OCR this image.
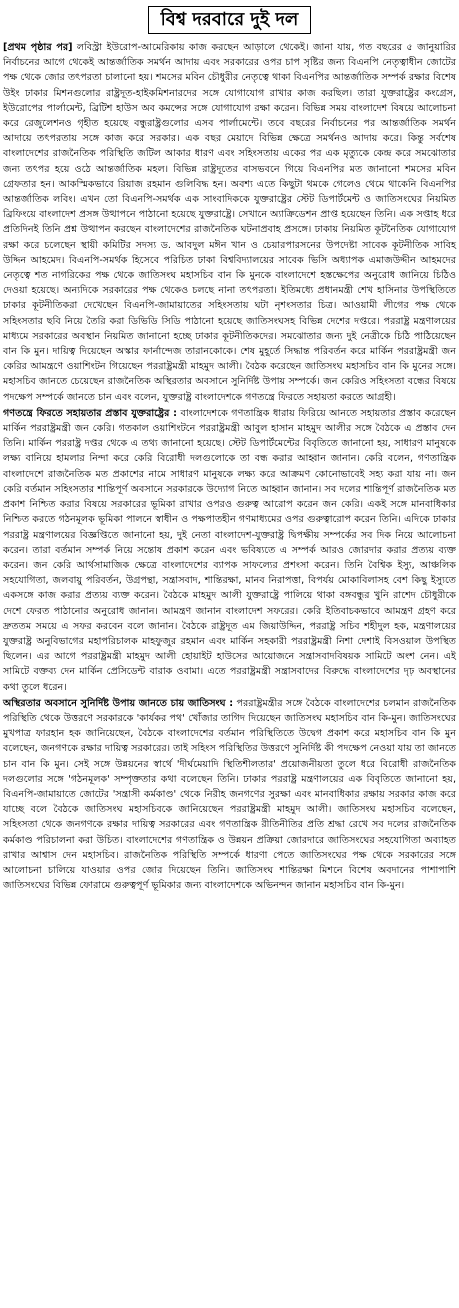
বিশ্ব দরবারে দুই দল

[প্রথম পৃষ্ঠার পর] লবিস্ট্রা ইউরোপ-আমেরিকায় কাজ করছেন আড়ালে থেকেই। জানা যায়, গত বছরের ৫ জানুয়ারির নির্বাচনের আগে থেকেই আন্তর্জাতিক সমর্থন আদায় এবং সরকারের ওপর চাপ সৃষ্টির জন্য বিএনপি নেতৃত্বাধীন জোটের পক্ষ থেকে জোর তৎপরতা চালানো হয়। শমসের মবিন চৌধুরীর নেতৃত্বে থাকা বিএনপির আন্তর্জাতিক সম্পর্ক রক্ষার বিশেষ উইং ঢাকার মিশনগুলোর রাষ্ট্রদূত-হাইকমিশনারদের সঙ্গে যোগাযোগ রাখার কাজ করছিল। তারা যুক্তরাষ্ট্রের কংগ্রেস, ইউরোপের পার্লামেন্ট, ব্রিটিশ হাউস অব কমন্সের সঙ্গে যোগাযোগ রক্ষা করেন। বিভিন্ন সময় বাংলাদেশ বিষয়ে আলোচনা করে রেজুলেশনও গৃহীত হয়েছে বন্ধুরাষ্ট্রগুলোর এসব পার্লামেন্টে। তবে বছরের নির্বাচনের পর আন্তর্জাতিক সমর্থন আদায়ে তৎপরতায় সঙ্গে কাজ করে সরকার। এক বছর মেয়াদে বিভিন্ন ক্ষেত্রে সমর্থনও আদায় করে। কিন্তু সর্বশেষ বাংলাদেশের রাজনৈতিক পরিস্থিতি জটিল আকার ধারণ এবং সহিংসতায় একের পর এক মৃত্যুকে কেন্দ্র করে সমঝোতার জন্য তৎপর হয়ে ওঠে আন্তর্জাতিক মহল। বিভিন্ন রাষ্ট্রদূতের বাসভবনে গিয়ে বিএনপির মত জানানো শমসের মবিন গ্রেফতার হন। আকস্মিকভাবে রিয়াজ রহমান গুলিবিদ্ধ হন। অবশ্য এতে কিছুটা থমকে গেলেও থেমে থাকেনি বিএনপির আন্তর্জাতিক লবিং। এখন তো বিএনপি-সমর্থক এক সাংবাদিককে যুক্তরাষ্ট্রের স্টেট ডিপার্টমেন্ট ও জাতিসংঘের নিয়মিত ব্রিফিংয়ে বাংলাদেশ প্রসঙ্গ উত্থাপনে পাঠানো হয়েছে যুক্তরাষ্ট্রে। সেখানে অ্যাক্রিডেশন প্রাপ্ত হয়েছেন তিনি। এক সপ্তাহ ধরে প্রতিদিনই তিনি প্রশ্ন উত্থাপন করছেন বাংলাদেশের রাজনৈতিক ঘটনাপ্রবাহ প্রসঙ্গে। ঢাকায় নিয়মিত কূটনৈতিক যোগাযোগ রক্ষা করে চলেছেন স্থায়ী কমিটির সদস্য ড. আবদুল মঈন খান ও চেয়ারপারসনের উপদেষ্টা সাবেক কূটনীতিক সাবিহ উদ্দিন আহমেদ। বিএনপি-সমর্থক হিসেবে পরিচিত ঢাকা বিশ্ববিদ্যালয়ের সাবেক ভিসি অধ্যাপক এমাজউদ্দীন আহমদের নেতৃত্বে শত নাগরিকের পক্ষ থেকে জাতিসংঘ মহাসচিব বান কি মুনকে বাংলাদেশে হস্তক্ষেপের অনুরোধ জানিয়ে চিঠিও দেওয়া হয়েছে। অন্যদিকে সরকারের পক্ষ থেকেও চলছে নানা তৎপরতা। ইতিমধ্যে প্রধানমন্ত্রী শেখ হাসিনার উপস্থিতিতে ঢাকার কূটনীতিকরা দেখেছেন বিএনপি-জামায়াতের সহিংসতায় ঘটা নৃশংসতার চিত্র। আওয়ামী লীগের পক্ষ থেকে সহিংসতার ছবি নিয়ে তৈরি করা ডিভিডি সিডি পাঠানো হয়েছে জাতিসংঘসহ বিভিন্ন দেশের দপ্তরে। পররাষ্ট্র মন্ত্রণালয়ের মাধ্যমে সরকারের অবস্থান নিয়মিত জানানো হচ্ছে ঢাকার কূটনীতিকদের। সমঝোতার জন্য দুই নেত্রীকে চিঠি পাঠিয়েছেন বান কি মুন। দায়িত্ব দিয়েছেন অস্কার ফার্নান্দেজ তারানকোকে। শেষ মুহূর্তে সিদ্ধান্ত পরিবর্তন করে মার্কিন পররাষ্ট্রমন্ত্রী জন কেরির আমন্ত্রণে ওয়াশিংটন গিয়েছেন পররাষ্ট্রমন্ত্রী মাহমুদ আলী। বৈঠক করেছেন জাতিসংঘ মহাসচিব বান কি মুনের সঙ্গে। মহাসচিব জানতে চেয়েছেন রাজনৈতিক অস্থিরতার অবসানে সুনির্দিষ্ট উপায় সম্পর্কে। জন কেরিও সহিংসতা বন্ধের বিষয়ে পদক্ষেপ সম্পর্কে জানতে চান এবং বলেন, যুক্তরাষ্ট্র বাংলাদেশকে গণতন্ত্রে ফিরতে সহায়তা করতে আগ্রহী।

গণতন্ত্রে ফিরতে সহায়তার প্রস্তাব যুক্তরাষ্ট্রের : বাংলাদেশকে গণতান্ত্রিক ধারায় ফিরিয়ে আনতে সহায়তার প্রস্তাব করেছেন মার্কিন পররাষ্ট্রমন্ত্রী জন কেরি। গতকাল ওয়াশিংটনে পররাষ্ট্রমন্ত্রী আবুল হাসান মাহমুদ আলীর সঙ্গে বৈঠকে এ প্রস্তাব দেন তিনি। মার্কিন পররাষ্ট্র দপ্তর থেকে এ তথ্য জানানো হয়েছে। স্টেট ডিপার্টমেন্টের বিবৃতিতে জানানো হয়, সাধারণ মানুষকে লক্ষ্য বানিয়ে হামলার নিন্দা করে কেরি বিরোধী দলগুলোকে তা বন্ধ করার আহ্বান জানান। কেরি বলেন, গণতান্ত্রিক বাংলাদেশে রাজনৈতিক মত প্রকাশের নামে সাধারণ মানুষকে লক্ষ্য করে আক্রমণ কোনোভাবেই সহ্য করা যায় না। জন কেরি বর্তমান সহিংসতার শান্তিপূর্ণ অবসানে সরকারকে উদ্যোগ নিতে আহ্বান জানান। সব দলের শান্তিপূর্ণ রাজনৈতিক মত প্রকাশ নিশ্চিত করার বিষয়ে সরকারের ভূমিকা রাখার ওপরও গুরুত্ব আরোপ করেন জন কেরি। একই সঙ্গে মানবাধিকার নিশ্চিত করতে গঠনমূলক ভূমিকা পালনে স্বাধীন ও পক্ষপাতহীন গণমাধ্যমের ওপর গুরুত্বারোপ করেন তিনি। এদিকে ঢাকার পররাষ্ট্র মন্ত্রণালয়ের বিজ্ঞপ্তিতে জানানো হয়, দুই নেতা বাংলাদেশ-যুক্তরাষ্ট্র দ্বিপক্ষীয় সম্পর্কের সব দিক নিয়ে আলোচনা করেন। তারা বর্তমান সম্পর্ক নিয়ে সন্তোষ প্রকাশ করেন এবং ভবিষ্যতে এ সম্পর্ক আরও জোরদার করার প্রত্যয় ব্যক্ত করেন। জন কেরি আর্থসামাজিক ক্ষেত্রে বাংলাদেশের ব্যাপক সাফল্যের প্রশংসা করেন। তিনি বৈশ্বিক ইস্যু, আঞ্চলিক সহযোগিতা, জলবায়ু পরিবর্তন, উগ্রপন্থা, সন্ত্রাসবাদ, শান্তিরক্ষা, মানব নিরাপত্তা, বিপর্যয় মোকাবিলাসহ বেশ কিছু ইস্যুতে একসঙ্গে কাজ করার প্রত্যয় ব্যক্ত করেন। বৈঠকে মাহমুদ আলী যুক্তরাষ্ট্রে পালিয়ে থাকা বঙ্গবন্ধুর খুনি রাশেদ চৌধুরীকে দেশে ফেরত পাঠানোর অনুরোধ জানান। আমন্ত্রণ জানান বাংলাদেশ সফরের। কেরি ইতিবাচকভাবে আমন্ত্রণ গ্রহণ করে দ্রুততম সময়ে এ সফর করবেন বলে জানান। বৈঠকে রাষ্ট্রদূত এম জিয়াউদ্দিন, পররাষ্ট্র সচিব শহীদুল হক, মন্ত্রণালয়ের যুক্তরাষ্ট্র অনুবিভাগের মহাপরিচালক মাহফুজুর রহমান এবং মার্কিন সহকারী পররাষ্ট্রমন্ত্রী নিশা দেশাই বিসওয়াল উপস্থিত ছিলেন। এর আগে পররাষ্ট্রমন্ত্রী মাহমুদ আলী হোয়াইট হাউসের আয়োজনে সন্ত্রাসবাদবিষয়ক সামিটে অংশ নেন। এই সামিটে বক্তব্য দেন মার্কিন প্রেসিডেন্ট বারাক ওবামা। এতে পররাষ্ট্রমন্ত্রী সন্ত্রাসবাদের বিরুদ্ধে বাংলাদেশের দৃঢ় অবস্থানের কথা তুলে ধরেন।

অস্থিরতার অবসানে সুনির্দিষ্ট উপায় জানতে চায় জাতিসংঘ : পররাষ্ট্রমন্ত্রীর সঙ্গে বৈঠকে বাংলাদেশের চলমান রাজনৈতিক পরিস্থিতি থেকে উত্তরণে সরকারকে 'কার্যকর পথ' খোঁজার তাগিদ দিয়েছেন জাতিসংঘ মহাসচিব বান কি-মুন। জাতিসংঘের মুখপাত্র ফারহান হক জানিয়েছেন, বৈঠকে বাংলাদেশের বর্তমান পরিস্থিতিতে উদ্বেগ প্রকাশ করে মহাসচিব বান কি মুন বলেছেন, জনগণকে রক্ষার দায়িত্ব সরকারের। তাই সহিংস পরিস্থিতির উত্তরণে সুনির্দিষ্ট কী পদক্ষেপ নেওয়া যায় তা জানতে চান বান কি মুন। সেই সঙ্গে উন্নয়নের স্বার্থে 'দীর্ঘমেয়াদি স্থিতিশীলতার' প্রয়োজনীয়তা তুলে ধরে বিরোধী রাজনৈতিক দলগুলোর সঙ্গে 'গঠনমূলক' সম্পৃক্ততার কথা বলেছেন তিনি। ঢাকার পররাষ্ট্র মন্ত্রণালয়ের এক বিবৃতিতে জানানো হয়, বিএনপি-জামায়াতে জোটের 'সন্ত্রাসী কর্মকাণ্ড' থেকে নিরীহ জনগণের সুরক্ষা এবং মানবাধিকার রক্ষায় সরকার কাজ করে যাচ্ছে বলে বৈঠকে জাতিসংঘ মহাসচিবকে জানিয়েছেন পররাষ্ট্রমন্ত্রী মাহমুদ আলী। জাতিসংঘ মহাসচিব বলেছেন, সহিংসতা থেকে জনগণকে রক্ষার দায়িত্ব সরকারের এবং গণতান্ত্রিক রীতিনীতির প্রতি শ্রদ্ধা রেখে সব দলের রাজনৈতিক কর্মকাণ্ড পরিচালনা করা উচিত। বাংলাদেশের গণতান্ত্রিক ও উন্নয়ন প্রক্রিয়া জোরদারে জাতিসংঘের সহযোগিতা অব্যাহত রাখার আশ্বাস দেন মহাসচিব। রাজনৈতিক পরিস্থিতি সম্পর্কে ধারণা পেতে জাতিসংঘের পক্ষ থেকে সরকারের সঙ্গে আলোচনা চালিয়ে যাওয়ার ওপর জোর দিয়েছেন তিনি। জাতিসংঘ শান্তিরক্ষা মিশনে বিশেষ অবদানের পাশাপাশি জাতিসংঘের বিভিন্ন ফোরামে গুরুত্বপূর্ণ ভূমিকার জন্য বাংলাদেশকে অভিনন্দন জানান মহাসচিব বান কি-মুন।
